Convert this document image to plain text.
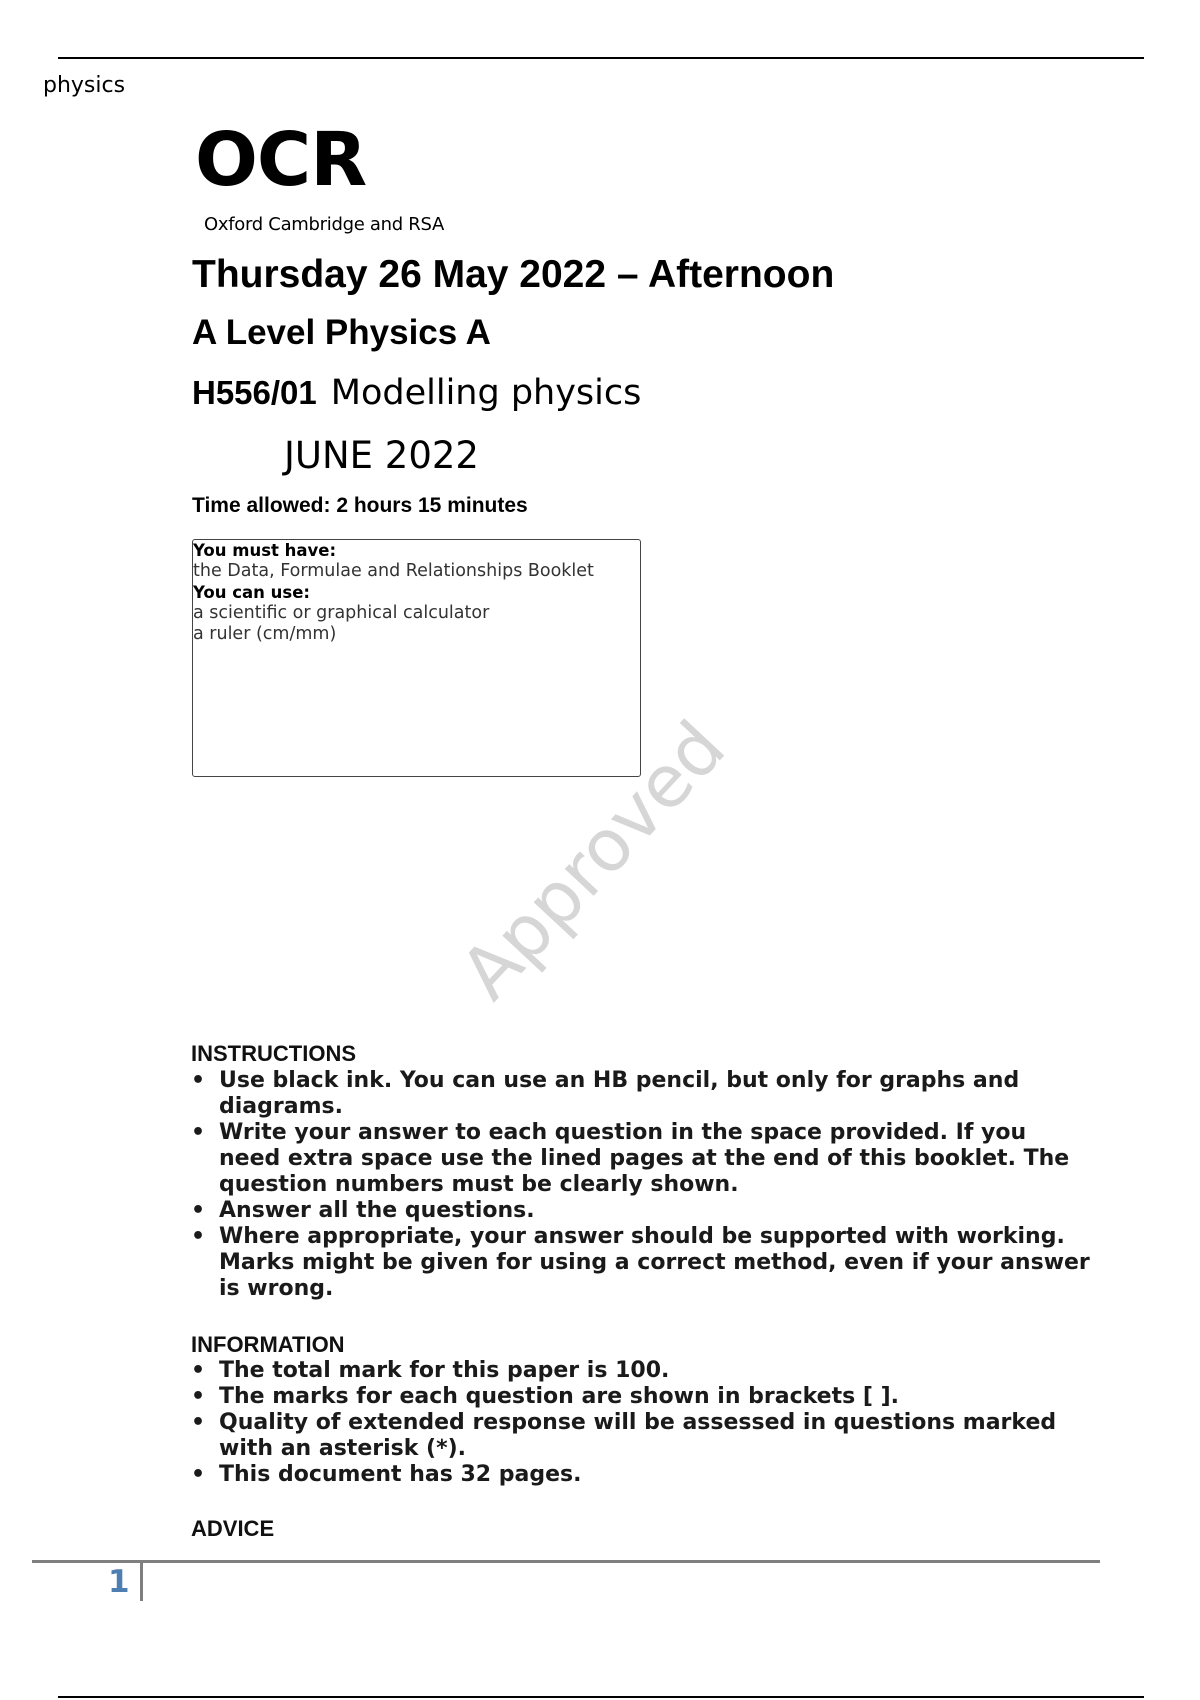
physics
OCR
Oxford Cambridge and RSA
Thursday 26 May 2022 – Afternoon
A Level Physics A
H556/01 Modelling physics
JUNE 2022
Time allowed: 2 hours 15 minutes
You must have:
the Data, Formulae and Relationships Booklet
You can use:
a scientific or graphical calculator
a ruler (cm/mm)
Approved
INSTRUCTIONS
• Use black ink. You can use an HB pencil, but only for graphs and diagrams.
• Write your answer to each question in the space provided. If you need extra space use the lined pages at the end of this booklet. The question numbers must be clearly shown.
• Answer all the questions.
• Where appropriate, your answer should be supported with working. Marks might be given for using a correct method, even if your answer is wrong.
INFORMATION
• The total mark for this paper is 100.
• The marks for each question are shown in brackets [ ].
• Quality of extended response will be assessed in questions marked with an asterisk (*).
• This document has 32 pages.
ADVICE
1
